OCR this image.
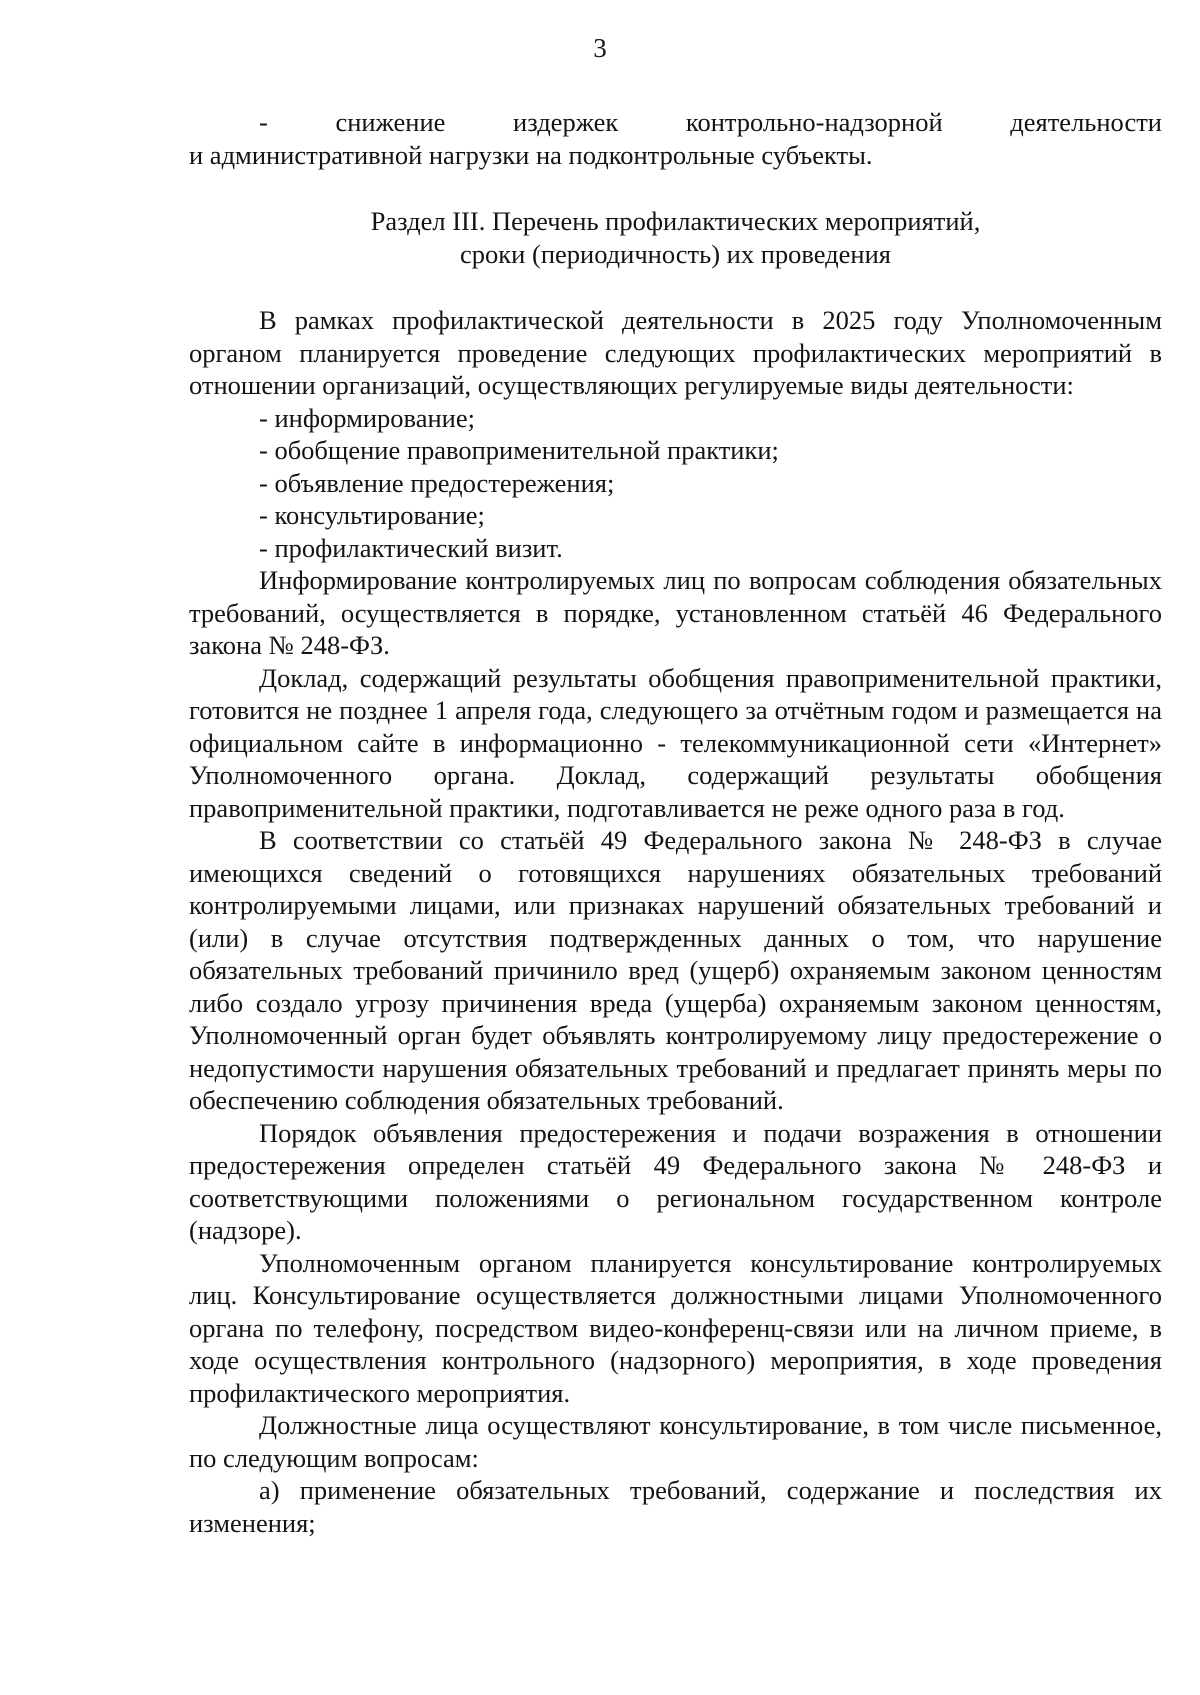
3

- снижение издержек контрольно-надзорной деятельности
и административной нагрузки на подконтрольные субъекты.

Раздел III. Перечень профилактических мероприятий,
сроки (периодичность) их проведения

В рамках профилактической деятельности в 2025 году Уполномоченным органом планируется проведение следующих профилактических мероприятий в отношении организаций, осуществляющих регулируемые виды деятельности:

- информирование;

- обобщение правоприменительной практики;

- объявление предостережения;

- консультирование;

- профилактический визит.

Информирование контролируемых лиц по вопросам соблюдения обязательных требований, осуществляется в порядке, установленном статьёй 46 Федерального закона № 248-ФЗ.

Доклад, содержащий результаты обобщения правоприменительной практики, готовится не позднее 1 апреля года, следующего за отчётным годом и размещается на официальном сайте в информационно - телекоммуникационной сети «Интернет» Уполномоченного органа. Доклад, содержащий результаты обобщения правоприменительной практики, подготавливается не реже одного раза в год.

В соответствии со статьёй 49 Федерального закона № 248-ФЗ в случае имеющихся сведений о готовящихся нарушениях обязательных требований контролируемыми лицами, или признаках нарушений обязательных требований и (или) в случае отсутствия подтвержденных данных о том, что нарушение обязательных требований причинило вред (ущерб) охраняемым законом ценностям либо создало угрозу причинения вреда (ущерба) охраняемым законом ценностям, Уполномоченный орган будет объявлять контролируемому лицу предостережение о недопустимости нарушения обязательных требований и предлагает принять меры по обеспечению соблюдения обязательных требований.

Порядок объявления предостережения и подачи возражения в отношении предостережения определен статьёй 49 Федерального закона № 248-ФЗ и соответствующими положениями о региональном государственном контроле (надзоре).

Уполномоченным органом планируется консультирование контролируемых лиц. Консультирование осуществляется должностными лицами Уполномоченного органа по телефону, посредством видео-конференц-связи или на личном приеме, в ходе осуществления контрольного (надзорного) мероприятия, в ходе проведения профилактического мероприятия.

Должностные лица осуществляют консультирование, в том числе письменное, по следующим вопросам:

а) применение обязательных требований, содержание и последствия их изменения;
